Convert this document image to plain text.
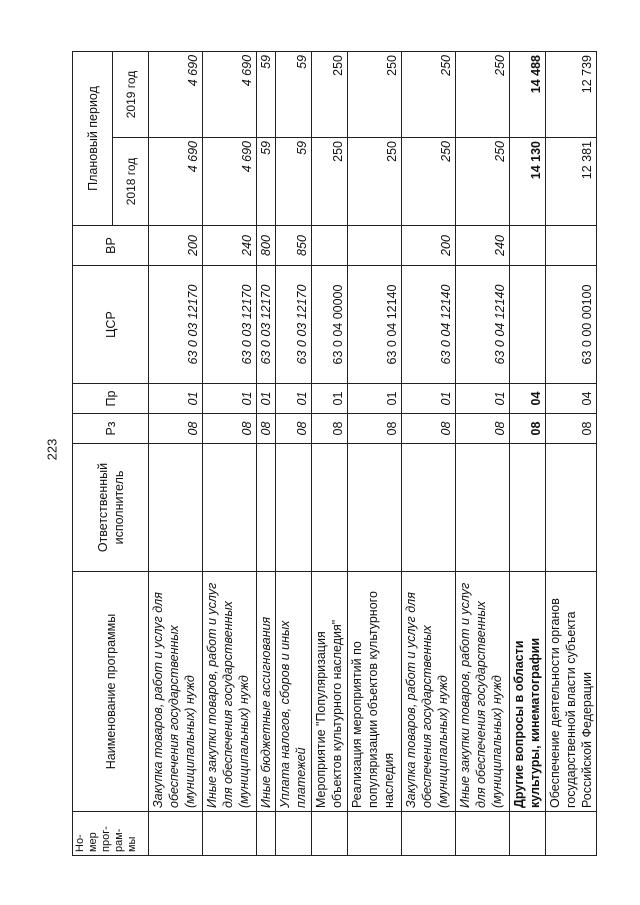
223
Но-
мер
прог-
рам-
мы	Наименование программы	Ответственный исполнитель	Рз	Пр	ЦСР	ВР	Плановый период	
							2018 год	2019 год
	Закупка товаров, работ и услуг для обеспечения государственных (муниципальных) нужд		08	01	63 0 03 12170	200	4 690	4 690
	Иные закупки товаров, работ и услуг для обеспечения государственных (муниципальных) нужд		08	01	63 0 03 12170	240	4 690	4 690
	Иные бюджетные ассигнования		08	01	63 0 03 12170	800	59	59
	Уплата налогов, сборов и иных платежей		08	01	63 0 03 12170	850	59	59
	Мероприятие "Популяризация объектов культурного наследия"		08	01	63 0 04 00000		250	250
	Реализация мероприятий по популяризации объектов культурного наследия		08	01	63 0 04 12140		250	250
	Закупка товаров, работ и услуг для обеспечения государственных (муниципальных) нужд		08	01	63 0 04 12140	200	250	250
	Иные закупки товаров, работ и услуг для обеспечения государственных (муниципальных) нужд		08	01	63 0 04 12140	240	250	250
	Другие вопросы в области культуры, кинематографии		08	04			14 130	14 488
	Обеспечение деятельности органов государственной власти субъекта Российской Федерации		08	04	63 0 00 00100		12 381	12 739
